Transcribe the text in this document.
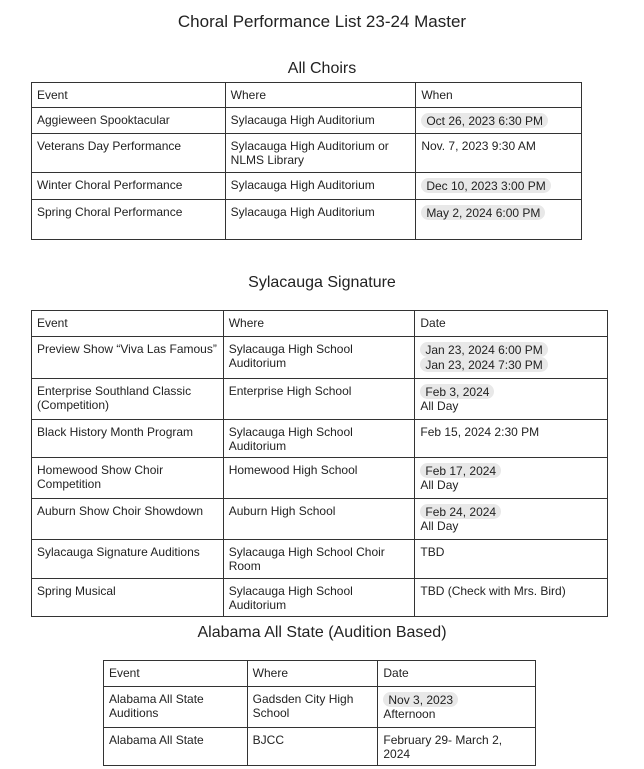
Choral Performance List 23-24 Master
All Choirs
Event	Where	When
Aggieween Spooktacular	Sylacauga High Auditorium	Oct 26, 2023 6:30 PM
Veterans Day Performance	Sylacauga High Auditorium or NLMS Library	Nov. 7, 2023 9:30 AM
Winter Choral Performance	Sylacauga High Auditorium	Dec 10, 2023 3:00 PM
Spring Choral Performance	Sylacauga High Auditorium	May 2, 2024 6:00 PM
Sylacauga Signature
Event	Where	Date
Preview Show “Viva Las Famous”	Sylacauga High School Auditorium	Jan 23, 2024 6:00 PM
Jan 23, 2024 7:30 PM
Enterprise Southland Classic (Competition)	Enterprise High School	Feb 3, 2024
All Day

Black History Month Program	Sylacauga High School Auditorium	Feb 15, 2024 2:30 PM
Homewood Show Choir Competition	Homewood High School	Feb 17, 2024
All Day

Auburn Show Choir Showdown	Auburn High School	Feb 24, 2024
All Day

Sylacauga Signature Auditions	Sylacauga High School Choir Room	TBD
Spring Musical	Sylacauga High School Auditorium	TBD (Check with Mrs. Bird)
Alabama All State (Audition Based)
Event	Where	Date
Alabama All State Auditions	Gadsden City High School	Nov 3, 2023
Afternoon

Alabama All State	BJCC	February 29- March 2, 2024
